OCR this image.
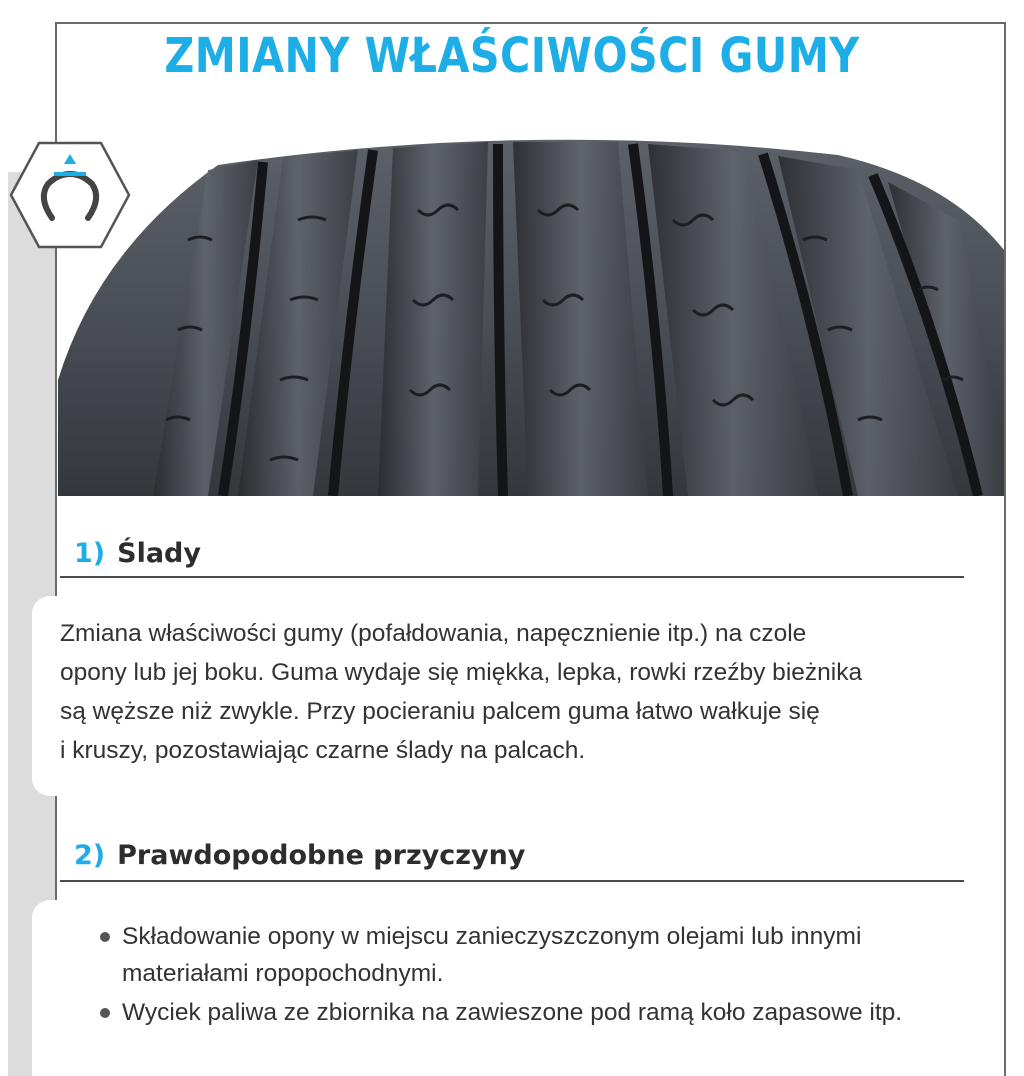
ZMIANY WŁAŚCIWOŚCI GUMY
1) Ślady
Zmiana właściwości gumy (pofałdowania, napęcznienie itp.) na czole
opony lub jej boku. Guma wydaje się miękka, lepka, rowki rzeźby bieżnika
są węższe niż zwykle. Przy pocieraniu palcem guma łatwo wałkuje się
i kruszy, pozostawiając czarne ślady na palcach.
2) Prawdopodobne przyczyny
Składowanie opony w miejscu zanieczyszczonym olejami lub innymi
materiałami ropopochodnymi.
Wyciek paliwa ze zbiornika na zawieszone pod ramą koło zapasowe itp.
